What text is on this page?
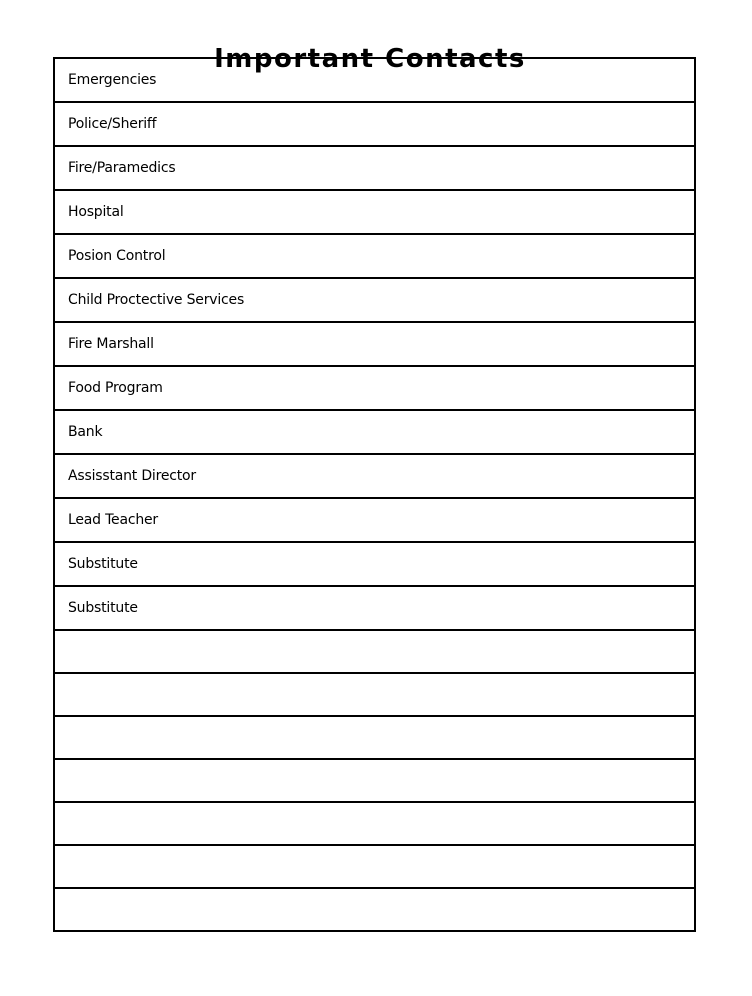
Important Contacts
Emergencies
Police/Sheriff
Fire/Paramedics
Hospital
Posion Control
Child Proctective Services
Fire Marshall
Food Program
Bank
Assisstant Director
Lead Teacher
Substitute
Substitute
